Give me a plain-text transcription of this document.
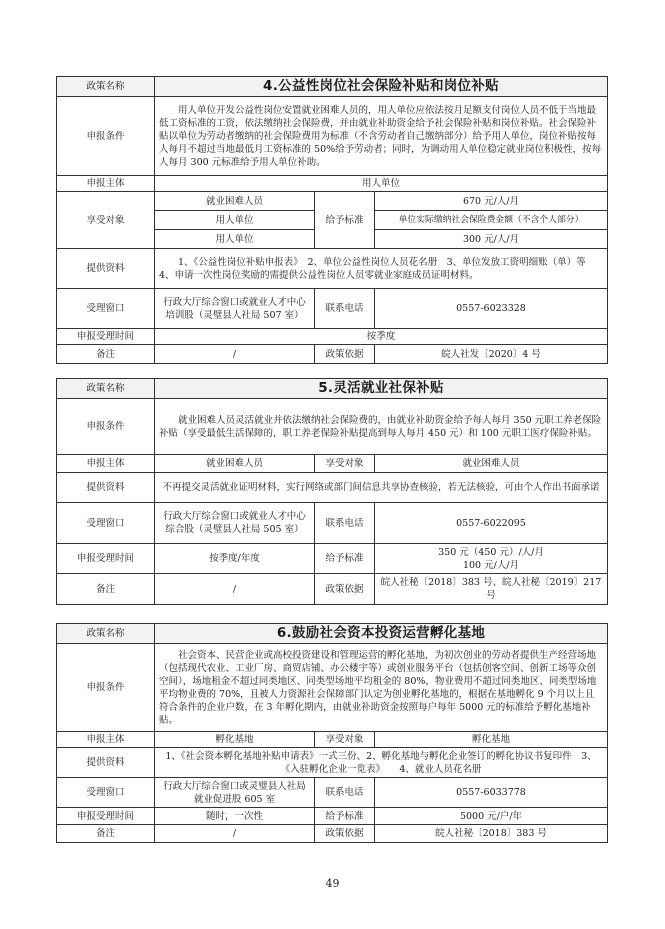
政策名称	4.公益性岗位社会保险补贴和岗位补贴		
申报条件	用人单位开发公益性岗位安置就业困难人员的，用人单位应依法按月足额支付岗位人员不低于当地最低工资标准的工资，依法缴纳社会保险费，并由就业补助资金给予社会保险补贴和岗位补贴。社会保险补贴以单位为劳动者缴纳的社会保险费用为标准（不含劳动者自己缴纳部分）给予用人单位，岗位补贴按每人每月不超过当地最低月工资标准的 50%给予劳动者；同时，为调动用人单位稳定就业岗位积极性，按每人每月 300 元标准给予用人单位补助。		
申报主体	用人单位		
享受对象	就业困难人员	给予标准	670 元/人/月
	用人单位		单位实际缴纳社会保险费金额（不含个人部分）
	用人单位		300 元/人/月
提供资料	1、《公益性岗位补贴申报表》　2、单位公益性岗位人员花名册　3、单位发放工资明细账（单）等　　4、申请一次性岗位奖励的需提供公益性岗位人员零就业家庭成员证明材料。		
受理窗口	行政大厅综合窗口或就业人才中心培训股（灵璧县人社局 507 室）	联系电话	0557-6023328
申报受理时间	按季度		
备注	/	政策依据	皖人社发〔2020〕4 号
政策名称	5.灵活就业社保补贴		
申报条件	就业困难人员灵活就业并依法缴纳社会保险费的，由就业补助资金给予每人每月 350 元职工养老保险补贴（享受最低生活保障的，职工养老保险补贴提高到每人每月 450 元）和 100 元职工医疗保险补贴。		
申报主体	就业困难人员	享受对象	就业困难人员
提供资料	不再提交灵活就业证明材料，实行网络或部门间信息共享协查核验，若无法核验，可由个人作出书面承诺		
受理窗口	行政大厅综合窗口或就业人才中心综合股（灵璧县人社局 505 室）	联系电话	0557-6022095
申报受理时间	按季度/年度	给予标准	350 元（450 元）/人/月
100 元/人/月
备注	/	政策依据	皖人社秘〔2018〕383 号、皖人社秘〔2019〕217 号
政策名称	6.鼓励社会资本投资运营孵化基地		
申报条件	社会资本、民营企业或高校投资建设和管理运营的孵化基地，为初次创业的劳动者提供生产经营场地（包括现代农业、工业厂房、商贸店铺、办公楼宇等）或创业服务平台（包括创客空间、创新工场等众创空间），场地租金不超过同类地区、同类型场地平均租金的 80%，物业费用不超过同类地区、同类型场地平均物业费的 70%，且被人力资源社会保障部门认定为创业孵化基地的，根据在基地孵化 9 个月以上且符合条件的企业户数，在 3 年孵化期内，由就业补助资金按照每户每年 5000 元的标准给予孵化基地补贴。		
申报主体	孵化基地	享受对象	孵化基地
提供资料	1、《社会资本孵化基地补贴申请表》一式三份、2、孵化基地与孵化企业签订的孵化协议书复印件　3、《入驻孵化企业一览表》　　4、就业人员花名册		
受理窗口	行政大厅综合窗口或灵璧县人社局就业促进股 605 室	联系电话	0557-6033778
申报受理时间	随时，一次性	给予标准	5000 元/户/年
备注	/	政策依据	皖人社秘〔2018〕383 号
49
